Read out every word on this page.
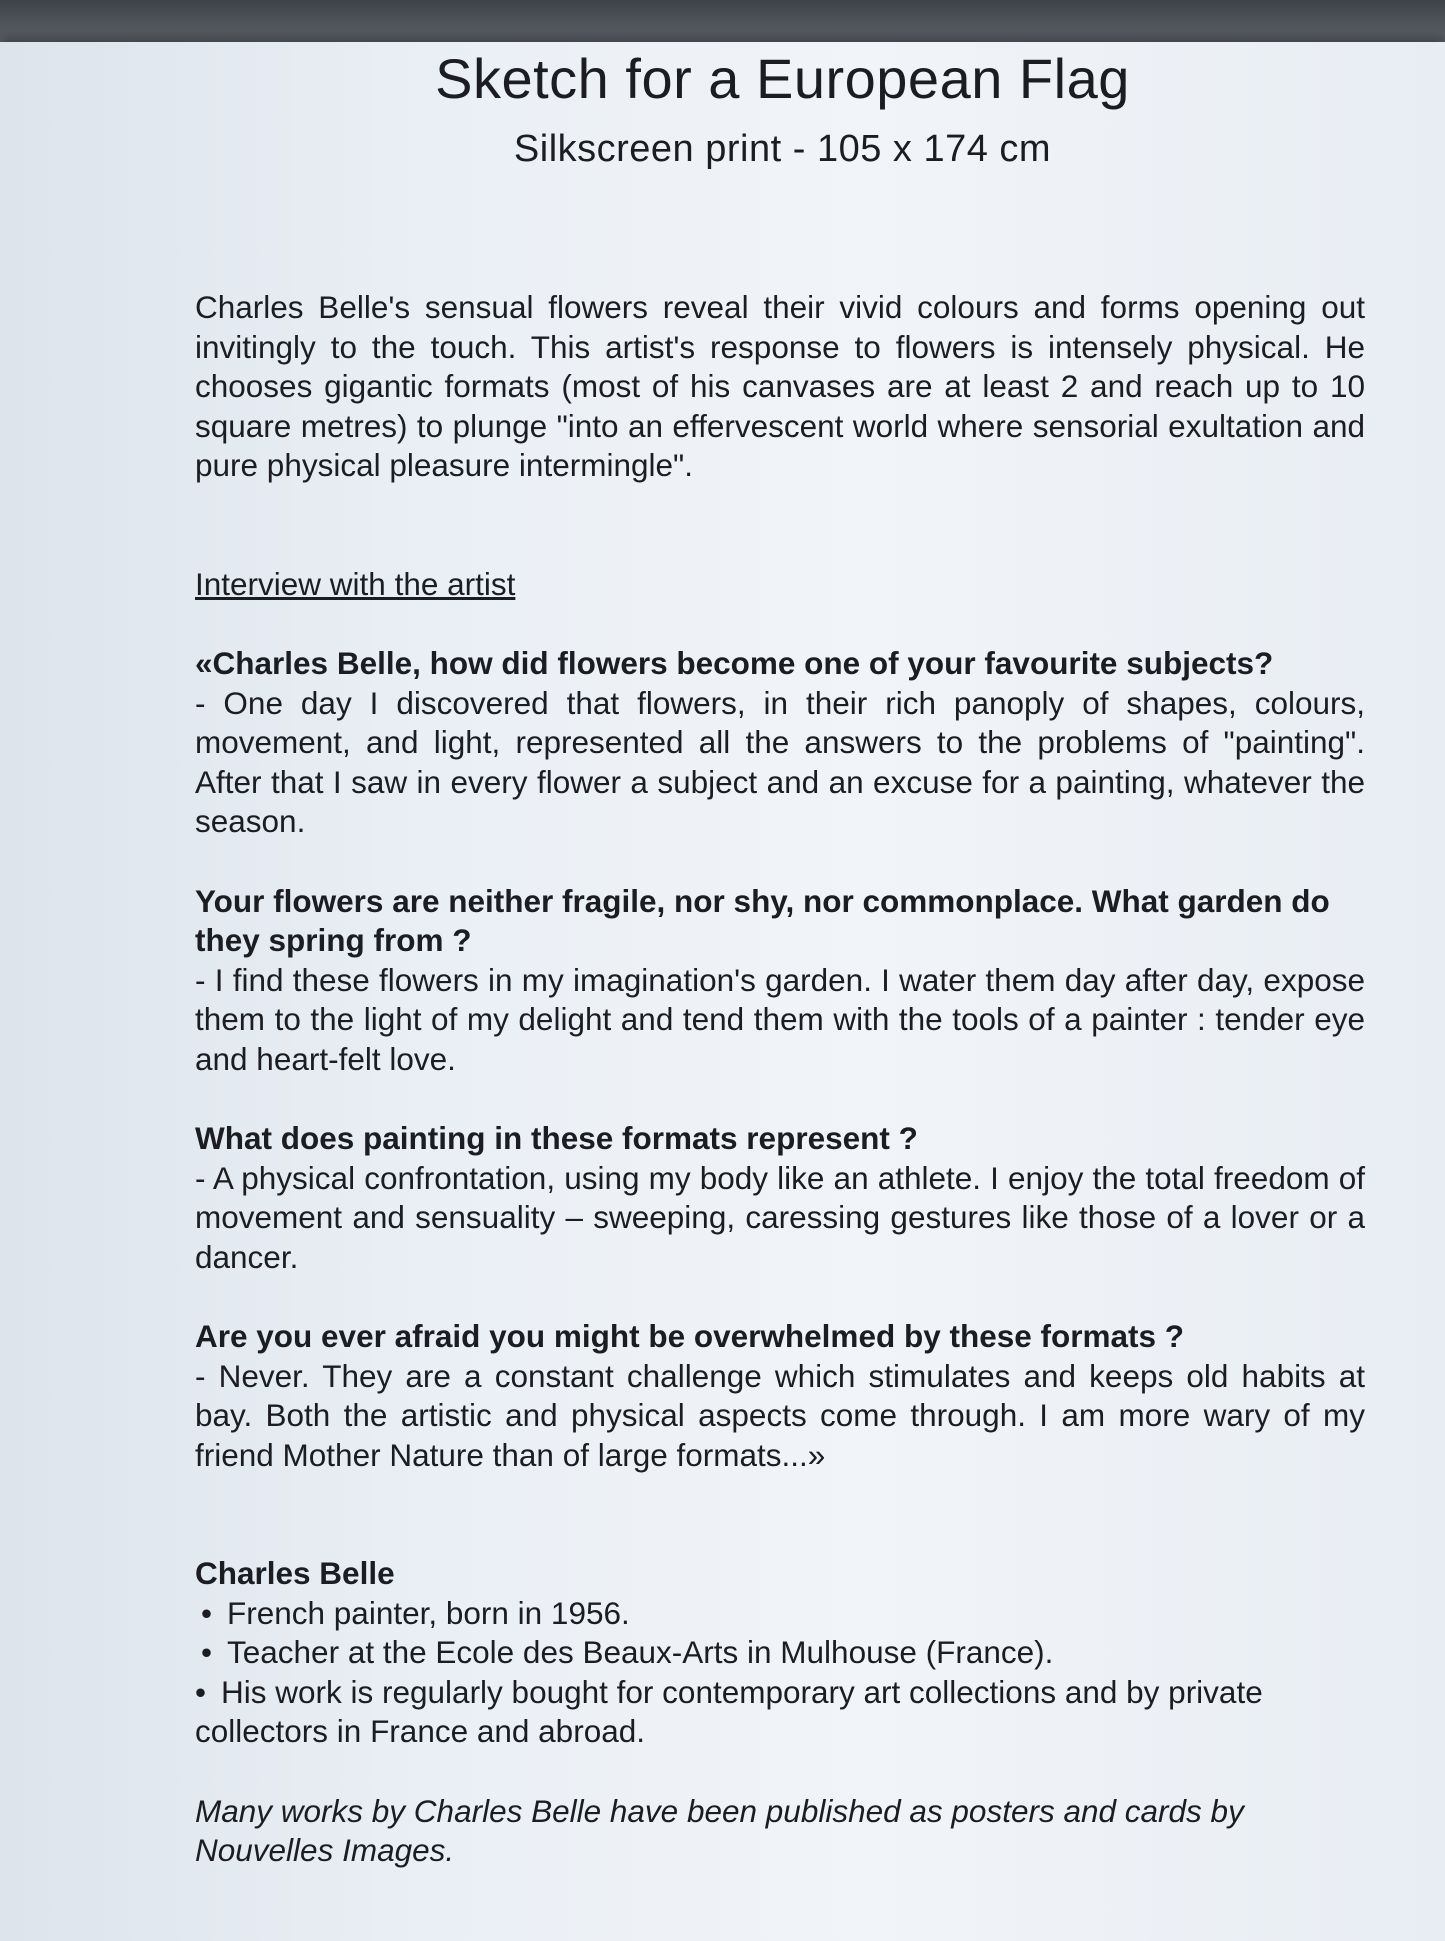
Sketch for a European Flag
Silkscreen print - 105 x 174 cm

Charles Belle's sensual flowers reveal their vivid colours and forms opening out invitingly to the touch. This artist's response to flowers is intensely physical. He chooses gigantic formats (most of his canvases are at least 2 and reach up to 10 square metres) to plunge "into an effervescent world where sensorial exultation and pure physical pleasure intermingle".

Interview with the artist

«Charles Belle, how did flowers become one of your favourite subjects?

- One day I discovered that flowers, in their rich panoply of shapes, colours, movement, and light, represented all the answers to the problems of "painting". After that I saw in every flower a subject and an excuse for a painting, whatever the season.

Your flowers are neither fragile, nor shy, nor commonplace. What garden do they spring from ?

- I find these flowers in my imagination's garden. I water them day after day, expose them to the light of my delight and tend them with the tools of a painter : tender eye and heart-felt love.

What does painting in these formats represent ?

- A physical confrontation, using my body like an athlete. I enjoy the total freedom of movement and sensuality – sweeping, caressing gestures like those of a lover or a dancer.

Are you ever afraid you might be overwhelmed by these formats ?

- Never. They are a constant challenge which stimulates and keeps old habits at bay. Both the artistic and physical aspects come through. I am more wary of my friend Mother Nature than of large formats...»

Charles Belle

• French painter, born in 1956.
• Teacher at the Ecole des Beaux-Arts in Mulhouse (France).
• His work is regularly bought for contemporary art collections and by private collectors in France and abroad.

Many works by Charles Belle have been published as posters and cards by Nouvelles Images.
